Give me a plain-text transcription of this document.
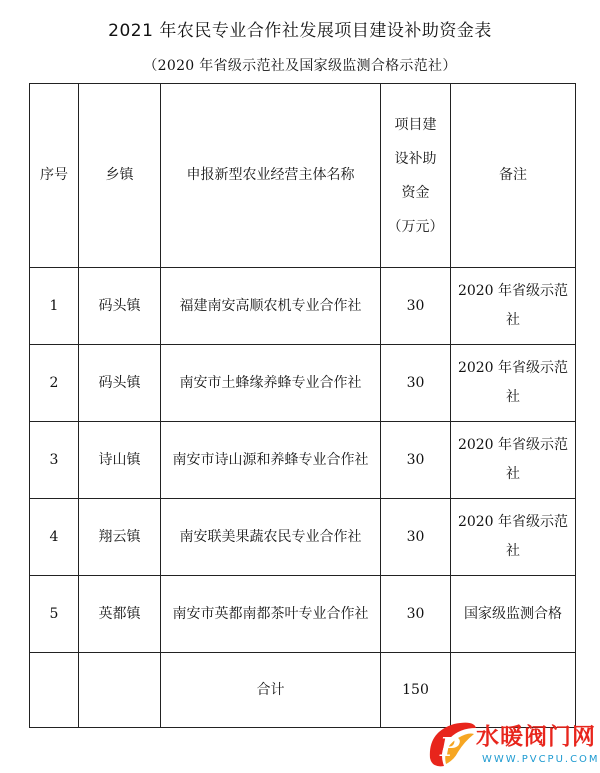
2021 年农民专业合作社发展项目建设补助资金表
（2020 年省级示范社及国家级监测合格示范社）
序号	乡镇	申报新型农业经营主体名称	项目建
设补助
资金
（万元）	备注
1	码头镇	福建南安高顺农机专业合作社	30	2020 年省级示范社
2	码头镇	南安市土蜂缘养蜂专业合作社	30	2020 年省级示范社
3	诗山镇	南安市诗山源和养蜂专业合作社	30	2020 年省级示范社
4	翔云镇	南安联美果蔬农民专业合作社	30	2020 年省级示范社
5	英都镇	南安市英都南都茶叶专业合作社	30	国家级监测合格
		合计	150	
P 水暖阀门网
WWW.PVCPU.COM
